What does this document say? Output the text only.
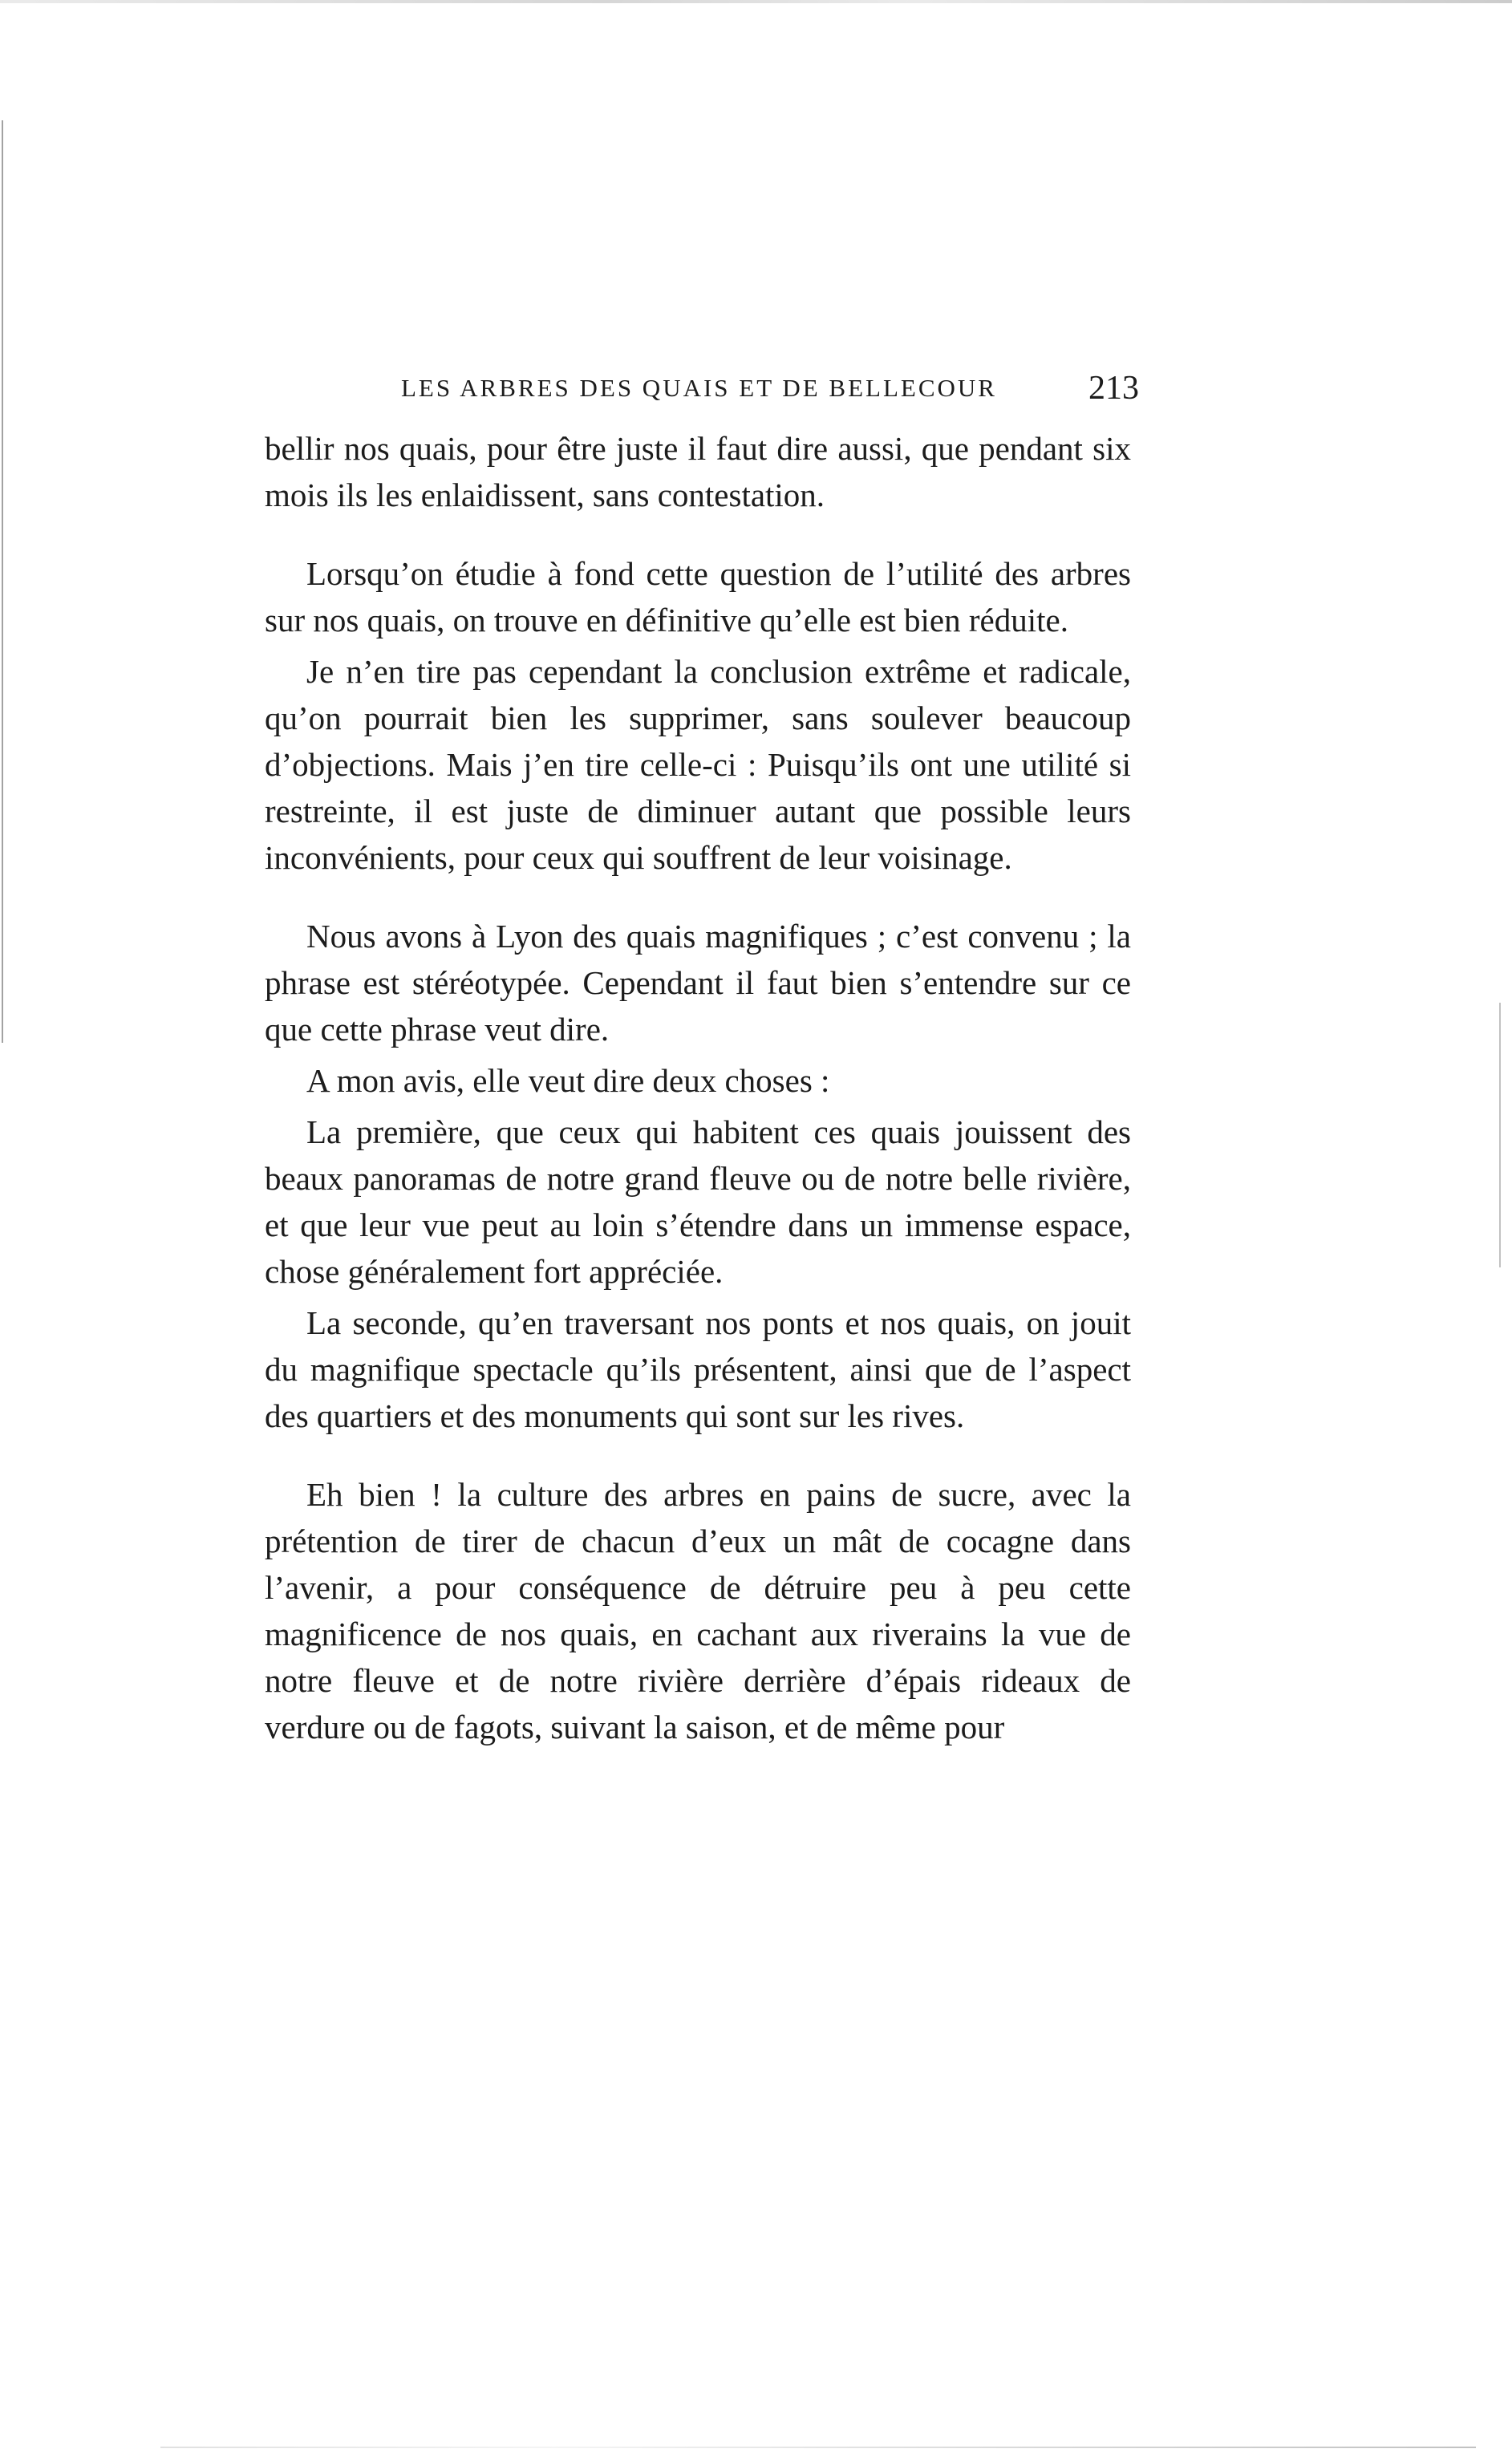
LES ARBRES DES QUAIS ET DE BELLECOUR	213

bellir nos quais, pour être juste il faut dire aussi, que pendant six mois ils les enlaidissent, sans contestation.

Lorsqu’on étudie à fond cette question de l’utilité des arbres sur nos quais, on trouve en définitive qu’elle est bien réduite.

Je n’en tire pas cependant la conclusion extrême et radicale, qu’on pourrait bien les supprimer, sans soulever beaucoup d’objections. Mais j’en tire celle-ci : Puisqu’ils ont une utilité si restreinte, il est juste de diminuer autant que possible leurs inconvénients, pour ceux qui souffrent de leur voisinage.

Nous avons à Lyon des quais magnifiques ; c’est convenu ; la phrase est stéréotypée. Cependant il faut bien s’entendre sur ce que cette phrase veut dire.

A mon avis, elle veut dire deux choses :

La première, que ceux qui habitent ces quais jouissent des beaux panoramas de notre grand fleuve ou de notre belle rivière, et que leur vue peut au loin s’étendre dans un immense espace, chose généralement fort appréciée.

La seconde, qu’en traversant nos ponts et nos quais, on jouit du magnifique spectacle qu’ils présentent, ainsi que de l’aspect des quartiers et des monuments qui sont sur les rives.

Eh bien ! la culture des arbres en pains de sucre, avec la prétention de tirer de chacun d’eux un mât de cocagne dans l’avenir, a pour conséquence de détruire peu à peu cette magnificence de nos quais, en cachant aux riverains la vue de notre fleuve et de notre rivière derrière d’épais rideaux de verdure ou de fagots, suivant la saison, et de même pour
